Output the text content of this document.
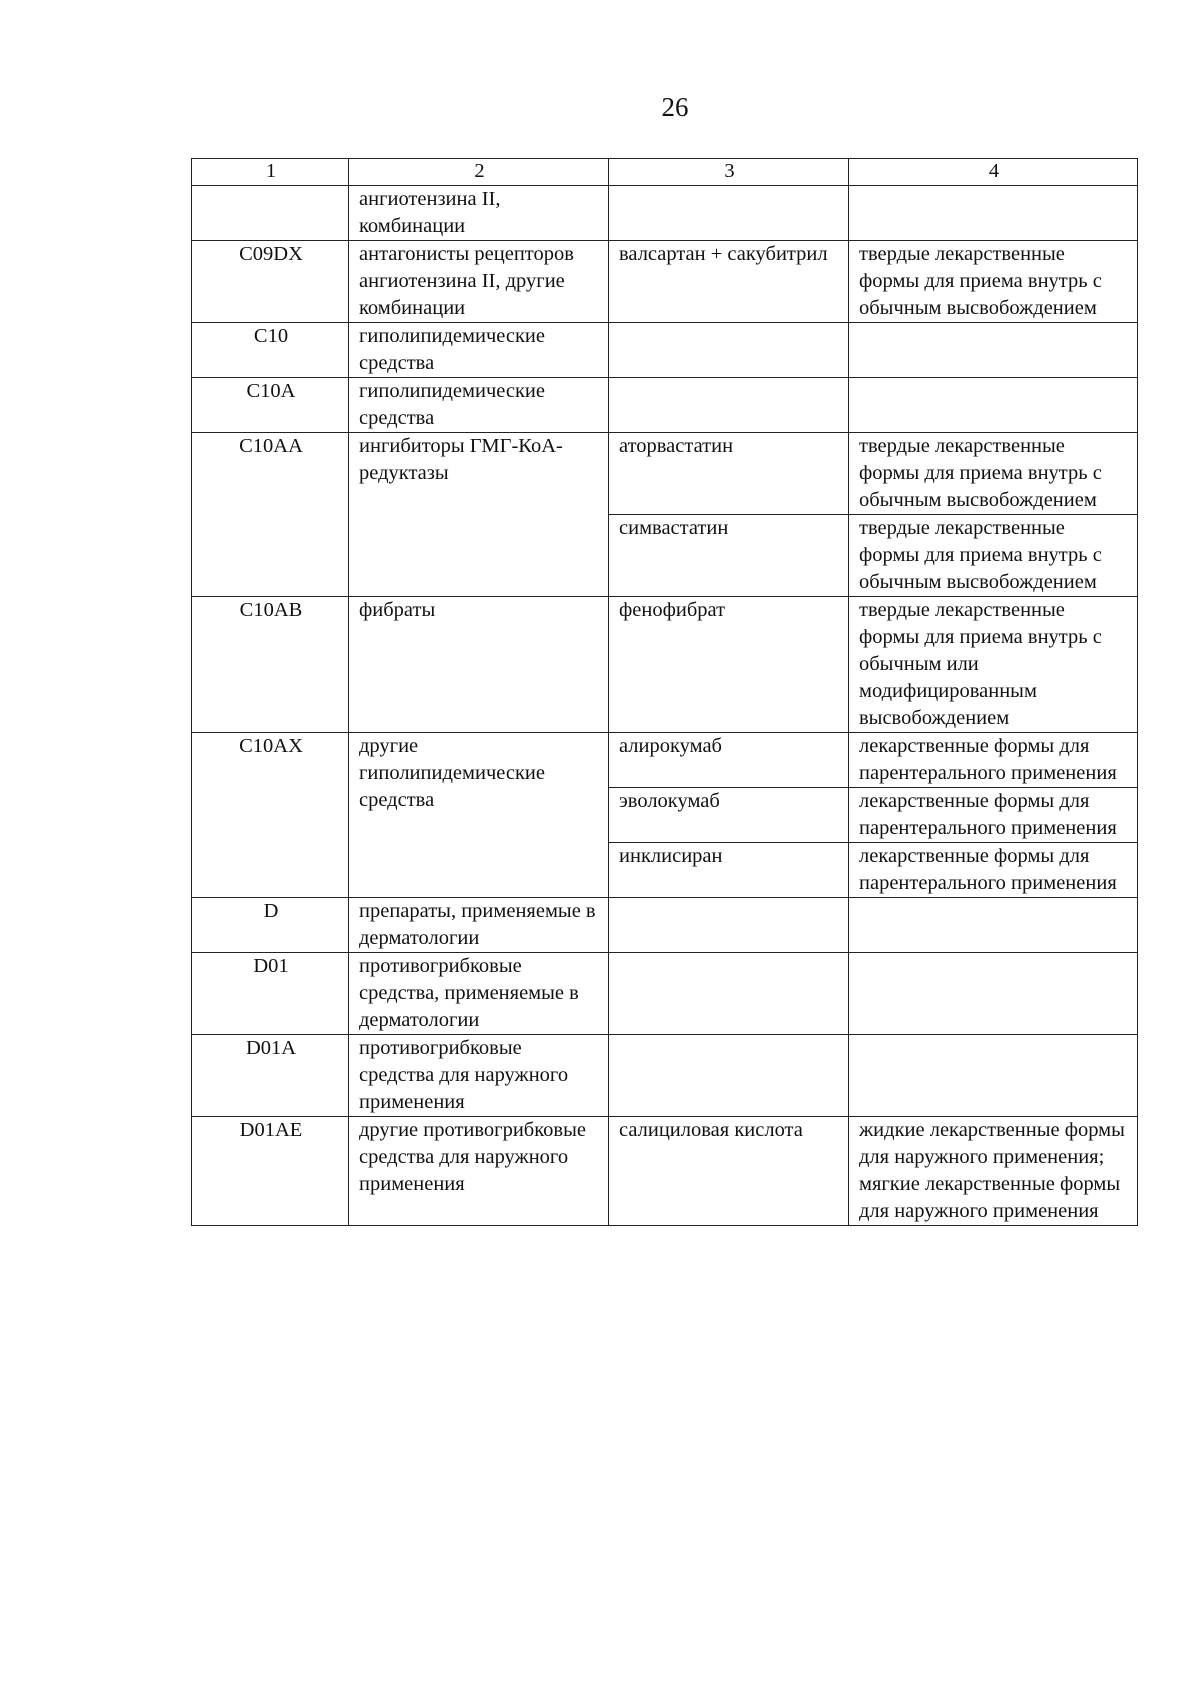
26
1	2	3	4
	ангиотензина II, комбинации		
C09DX	антагонисты рецепторов ангиотензина II, другие комбинации	валсартан + сакубитрил	твердые лекарственные формы для приема внутрь с обычным высвобождением
C10	гиполипидемические средства		
C10A	гиполипидемические средства		
C10AA	ингибиторы ГМГ-КоА-редуктазы	аторвастатин	твердые лекарственные формы для приема внутрь с обычным высвобождением
		симвастатин	твердые лекарственные формы для приема внутрь с обычным высвобождением
C10AB	фибраты	фенофибрат	твердые лекарственные формы для приема внутрь с обычным или модифицированным высвобождением
C10AX	другие гиполипидемические средства	алирокумаб	лекарственные формы для парентерального применения
		эволокумаб	лекарственные формы для парентерального применения
		инклисиран	лекарственные формы для парентерального применения
D	препараты, применяемые в дерматологии		
D01	противогрибковые средства, применяемые в дерматологии		
D01A	противогрибковые средства для наружного применения		
D01AE	другие противогрибковые средства для наружного применения	салициловая кислота	жидкие лекарственные формы для наружного применения; мягкие лекарственные формы для наружного применения
